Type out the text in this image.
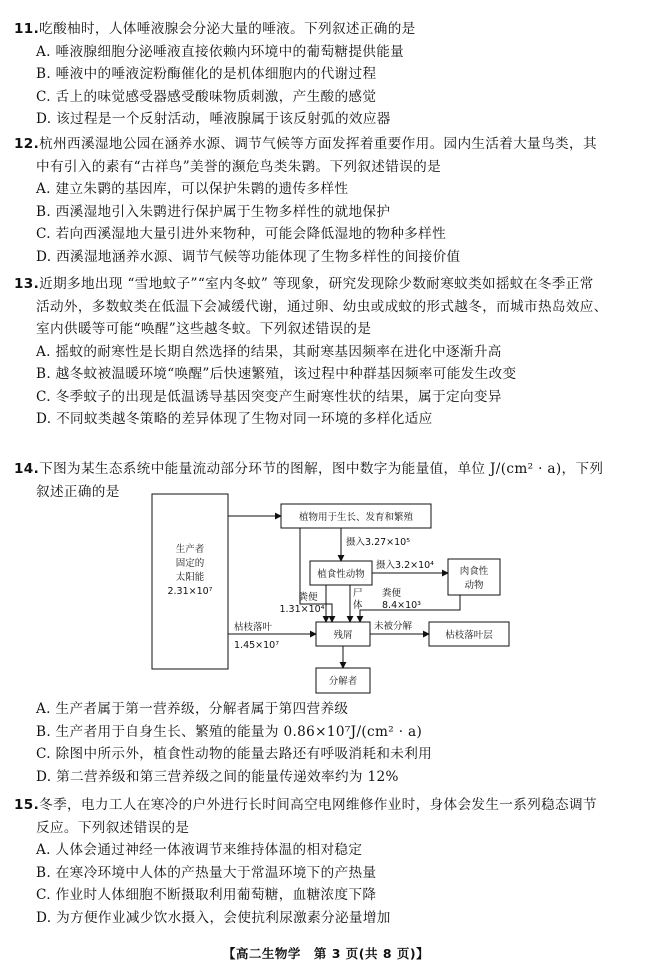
11.吃酸柚时，人体唾液腺会分泌大量的唾液。下列叙述正确的是

A. 唾液腺细胞分泌唾液直接依赖内环境中的葡萄糖提供能量

B. 唾液中的唾液淀粉酶催化的是机体细胞内的代谢过程

C. 舌上的味觉感受器感受酸味物质刺激，产生酸的感觉

D. 该过程是一个反射活动，唾液腺属于该反射弧的效应器

12.杭州西溪湿地公园在涵养水源、调节气候等方面发挥着重要作用。园内生活着大量鸟类，其

中有引入的素有“古祥鸟”美誉的濒危鸟类朱鹮。下列叙述错误的是

A. 建立朱鹮的基因库，可以保护朱鹮的遗传多样性

B. 西溪湿地引入朱鹮进行保护属于生物多样性的就地保护

C. 若向西溪湿地大量引进外来物种，可能会降低湿地的物种多样性

D. 西溪湿地涵养水源、调节气候等功能体现了生物多样性的间接价值

13.近期多地出现 “雪地蚊子”“室内冬蚊” 等现象，研究发现除少数耐寒蚊类如摇蚊在冬季正常

活动外，多数蚊类在低温下会减缓代谢，通过卵、幼虫或成蚊的形式越冬，而城市热岛效应、

室内供暖等可能“唤醒”这些越冬蚊。下列叙述错误的是

A. 摇蚊的耐寒性是长期自然选择的结果，其耐寒基因频率在进化中逐渐升高

B. 越冬蚊被温暖环境“唤醒”后快速繁殖，该过程中种群基因频率可能发生改变

C. 冬季蚊子的出现是低温诱导基因突变产生耐寒性状的结果，属于定向变异

D. 不同蚊类越冬策略的差异体现了生物对同一环境的多样化适应

14.下图为某生态系统中能量流动部分环节的图解，图中数字为能量值，单位 J/(cm² · a)，下列

叙述正确的是

生产者
固定的
太阳能
2.31×10⁷
植物用于生长、发育和繁殖
摄入3.27×10⁵
植食性动物
摄入3.2×10⁴
肉食性
动物
粪便
1.31×10⁴
尸
体
粪便
8.4×10³
枯枝落叶
1.45×10⁷
残屑
未被分解
枯枝落叶层
分解者

A. 生产者属于第一营养级，分解者属于第四营养级

B. 生产者用于自身生长、繁殖的能量为 0.86×10⁷J/(cm² · a)

C. 除图中所示外，植食性动物的能量去路还有呼吸消耗和未利用

D. 第二营养级和第三营养级之间的能量传递效率约为 12%

15.冬季，电力工人在寒冷的户外进行长时间高空电网维修作业时，身体会发生一系列稳态调节

反应。下列叙述错误的是

A. 人体会通过神经一体液调节来维持体温的相对稳定

B. 在寒冷环境中人体的产热量大于常温环境下的产热量

C. 作业时人体细胞不断摄取利用葡萄糖，血糖浓度下降

D. 为方便作业减少饮水摄入，会使抗利尿激素分泌量增加

【高二生物学　第 3 页(共 8 页)】
